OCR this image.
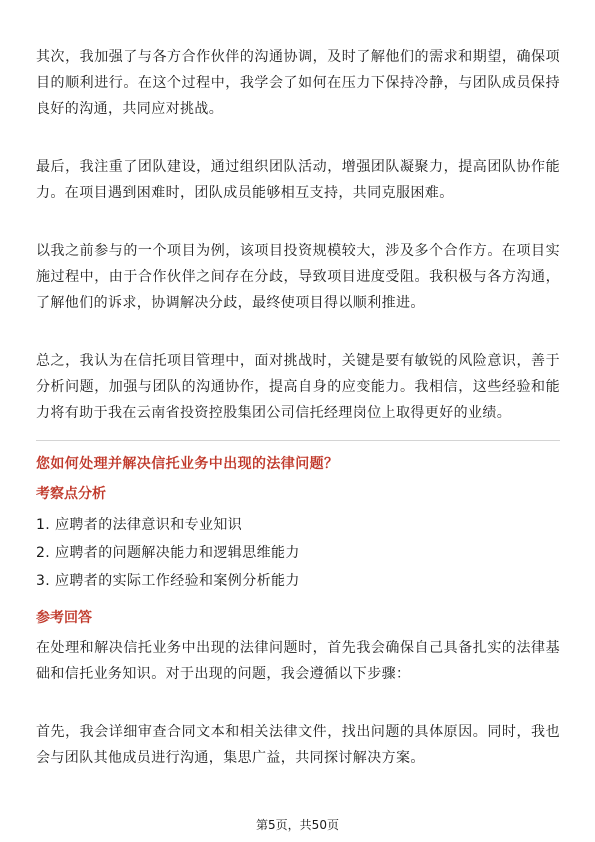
其次，我加强了与各方合作伙伴的沟通协调，及时了解他们的需求和期望，确保项目的顺利进行。在这个过程中，我学会了如何在压力下保持冷静，与团队成员保持良好的沟通，共同应对挑战。

最后，我注重了团队建设，通过组织团队活动，增强团队凝聚力，提高团队协作能力。在项目遇到困难时，团队成员能够相互支持，共同克服困难。

以我之前参与的一个项目为例，该项目投资规模较大，涉及多个合作方。在项目实施过程中，由于合作伙伴之间存在分歧，导致项目进度受阻。我积极与各方沟通，了解他们的诉求，协调解决分歧，最终使项目得以顺利推进。

总之，我认为在信托项目管理中，面对挑战时，关键是要有敏锐的风险意识，善于分析问题，加强与团队的沟通协作，提高自身的应变能力。我相信，这些经验和能力将有助于我在云南省投资控股集团公司信托经理岗位上取得更好的业绩。

您如何处理并解决信托业务中出现的法律问题？

考察点分析

1. 应聘者的法律意识和专业知识

2. 应聘者的问题解决能力和逻辑思维能力

3. 应聘者的实际工作经验和案例分析能力

参考回答

在处理和解决信托业务中出现的法律问题时，首先我会确保自己具备扎实的法律基础和信托业务知识。对于出现的问题，我会遵循以下步骤：

首先，我会详细审查合同文本和相关法律文件，找出问题的具体原因。同时，我也会与团队其他成员进行沟通，集思广益，共同探讨解决方案。

第5页，共50页
